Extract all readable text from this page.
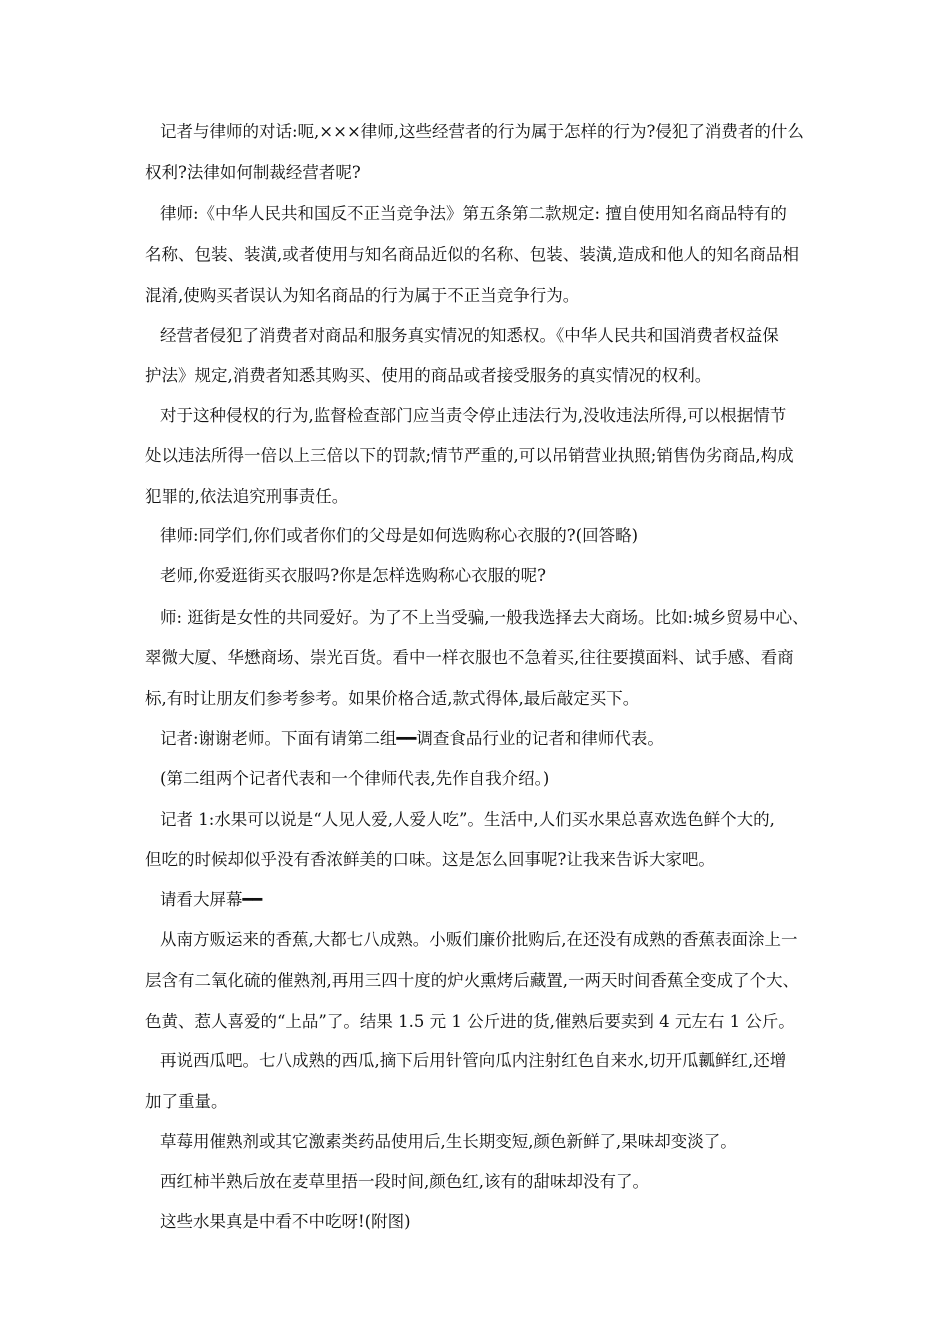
记者与律师的对话:呃,×××律师,这些经营者的行为属于怎样的行为?侵犯了消费者的什么
权利?法律如何制裁经营者呢?
律师:《中华人民共和国反不正当竞争法》第五条第二款规定: 擅自使用知名商品特有的
名称、包装、装潢,或者使用与知名商品近似的名称、包装、装潢,造成和他人的知名商品相
混淆,使购买者误认为知名商品的行为属于不正当竞争行为。
经营者侵犯了消费者对商品和服务真实情况的知悉权。《中华人民共和国消费者权益保
护法》规定,消费者知悉其购买、使用的商品或者接受服务的真实情况的权利。
对于这种侵权的行为,监督检查部门应当责令停止违法行为,没收违法所得,可以根据情节
处以违法所得一倍以上三倍以下的罚款;情节严重的,可以吊销营业执照;销售伪劣商品,构成
犯罪的,依法追究刑事责任。
律师:同学们,你们或者你们的父母是如何选购称心衣服的?(回答略)
老师,你爱逛街买衣服吗?你是怎样选购称心衣服的呢?
师: 逛街是女性的共同爱好。为了不上当受骗,一般我选择去大商场。比如:城乡贸易中心、
翠微大厦、华懋商场、崇光百货。看中一样衣服也不急着买,往往要摸面料、试手感、看商
标,有时让朋友们参考参考。如果价格合适,款式得体,最后敲定买下。
记者:谢谢老师。下面有请第二组━━调查食品行业的记者和律师代表。
(第二组两个记者代表和一个律师代表,先作自我介绍。)
记者 1:水果可以说是“人见人爱,人爱人吃”。生活中,人们买水果总喜欢选色鲜个大的,
但吃的时候却似乎没有香浓鲜美的口味。这是怎么回事呢?让我来告诉大家吧。
请看大屏幕━━
从南方贩运来的香蕉,大都七八成熟。小贩们廉价批购后,在还没有成熟的香蕉表面涂上一
层含有二氧化硫的催熟剂,再用三四十度的炉火熏烤后藏置,一两天时间香蕉全变成了个大、
色黄、惹人喜爱的“上品”了。结果 1.5 元 1 公斤进的货,催熟后要卖到 4 元左右 1 公斤。
再说西瓜吧。七八成熟的西瓜,摘下后用针管向瓜内注射红色自来水,切开瓜瓤鲜红,还增
加了重量。
草莓用催熟剂或其它激素类药品使用后,生长期变短,颜色新鲜了,果味却变淡了。
西红柿半熟后放在麦草里捂一段时间,颜色红,该有的甜味却没有了。
这些水果真是中看不中吃呀!(附图)
